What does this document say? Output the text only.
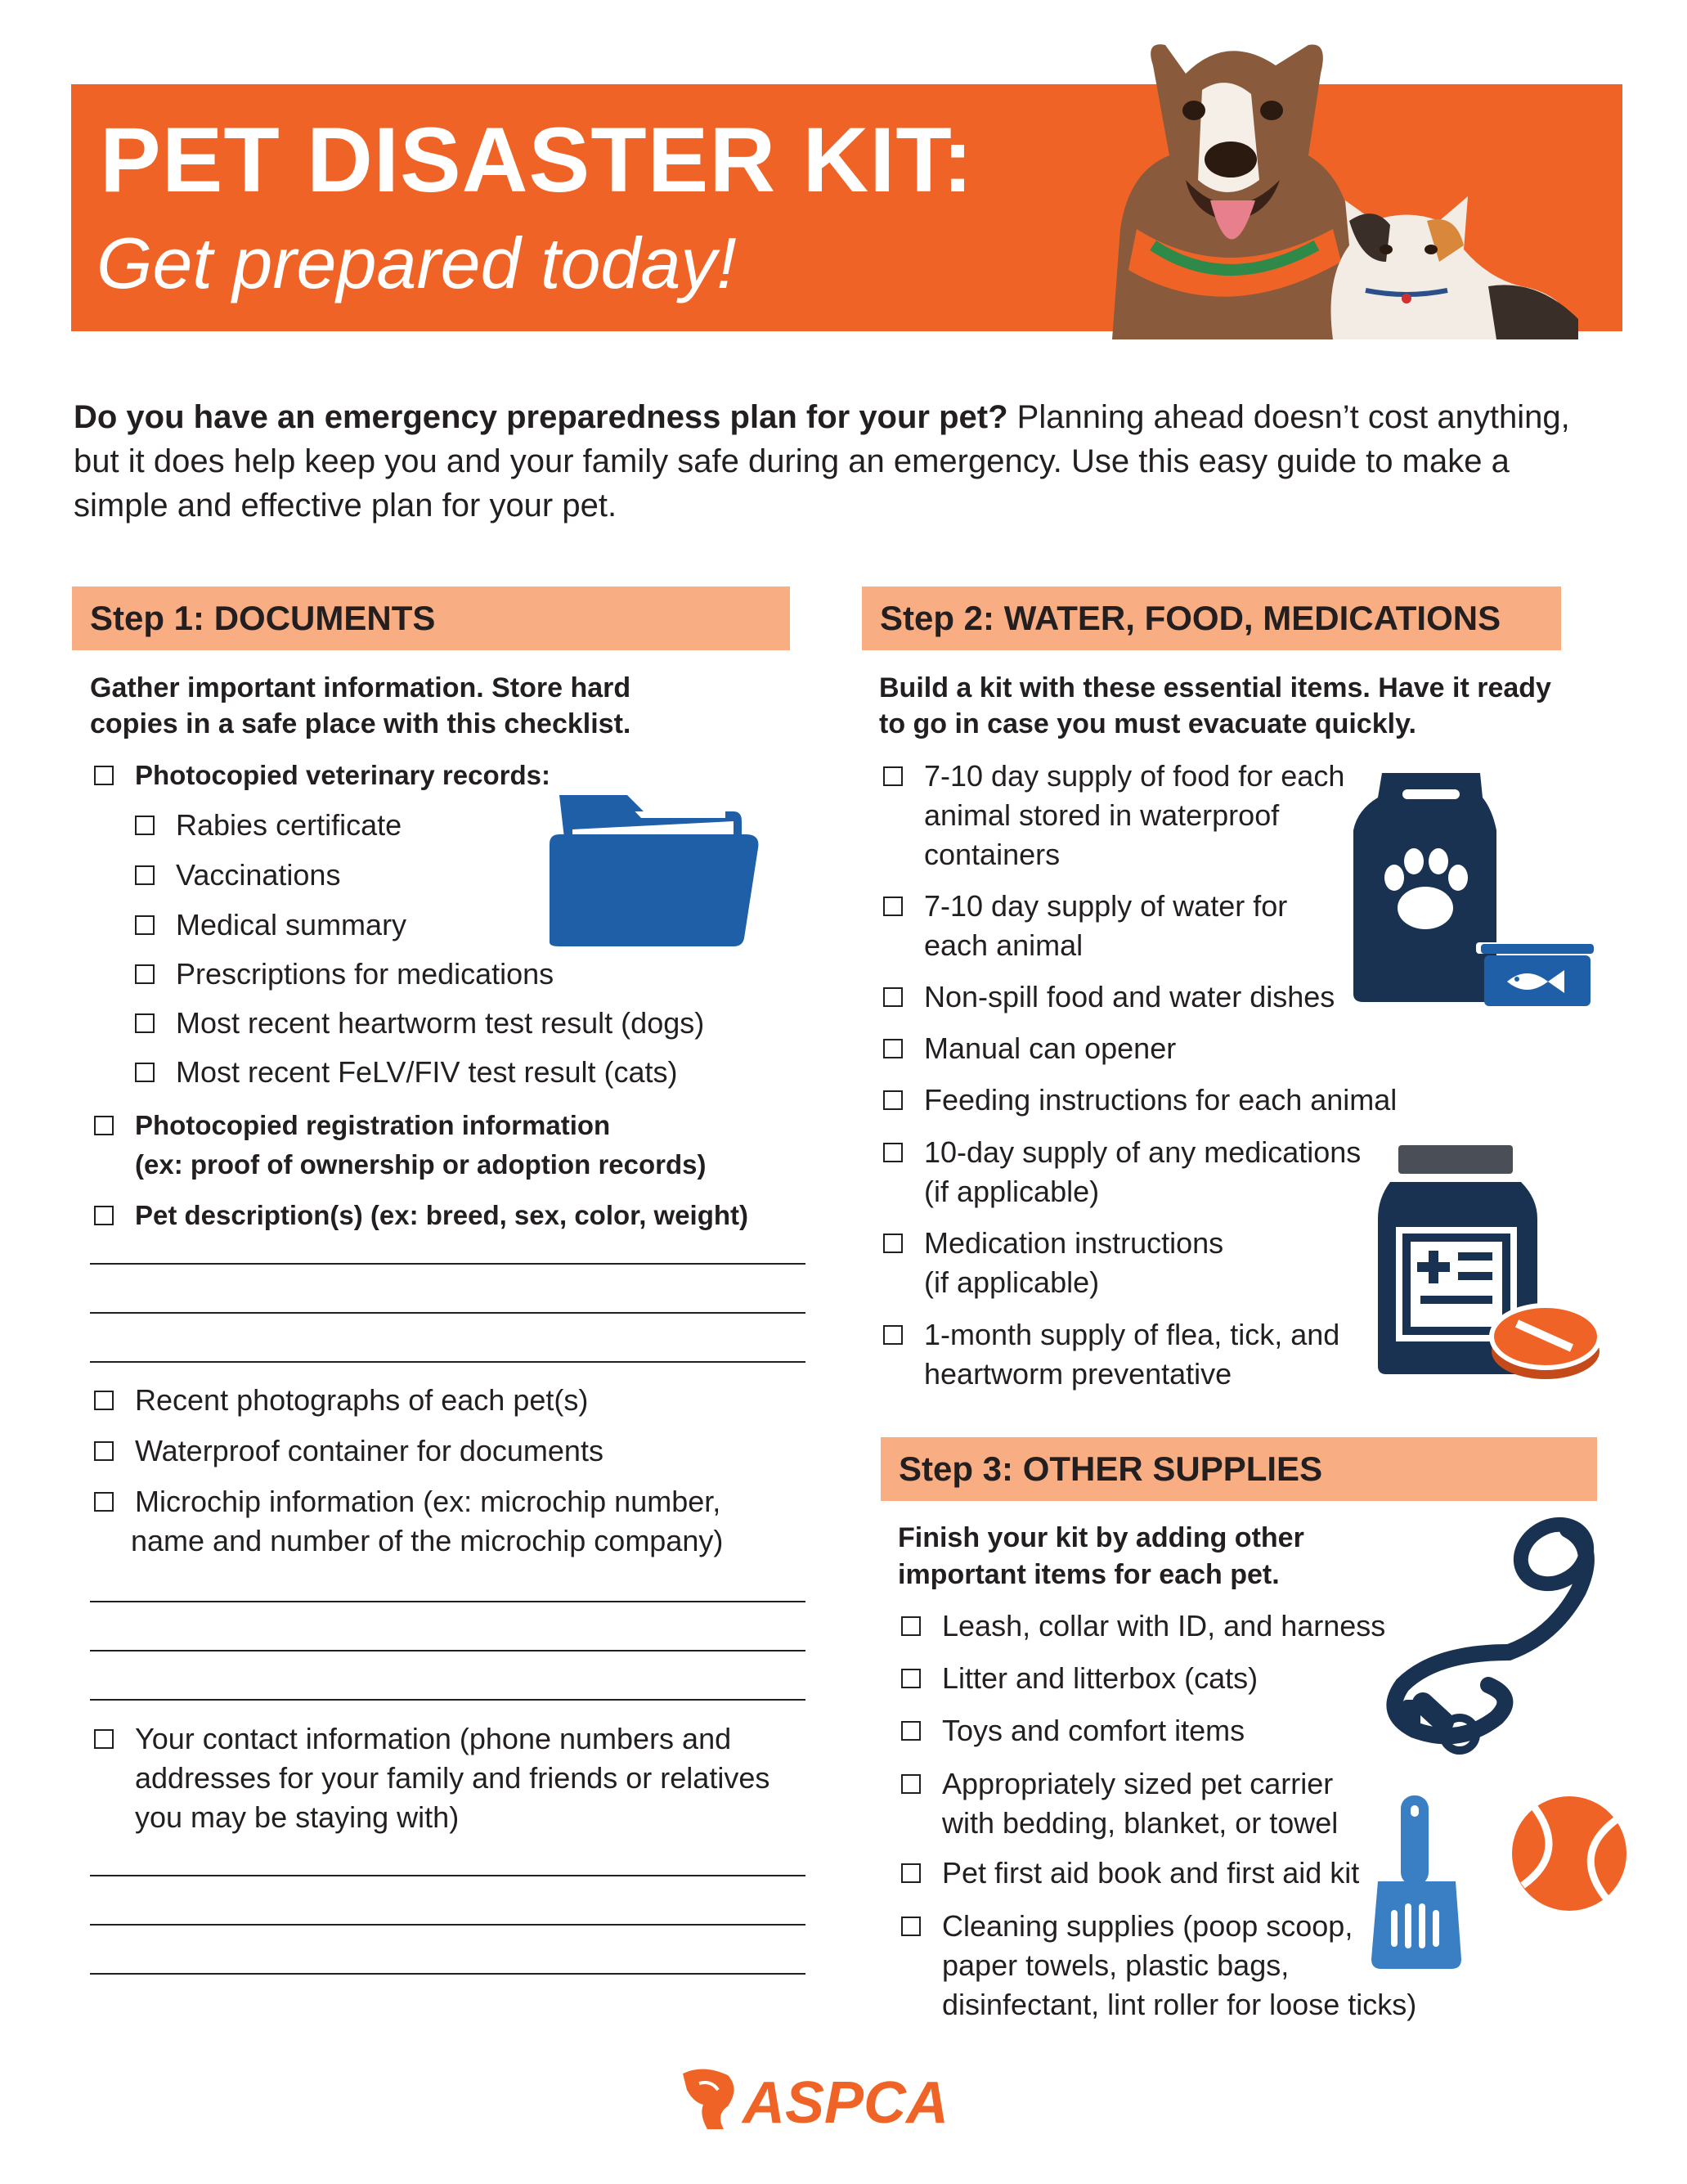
PET DISASTER KIT:
Get prepared today!
Do you have an emergency preparedness plan for your pet? Planning ahead doesn’t cost anything, but it does help keep you and your family safe during an emergency. Use this easy guide to make a simple and effective plan for your pet.
Step 1: DOCUMENTS
Gather important information. Store hard
copies in a safe place with this checklist.
Photocopied veterinary records:
Rabies certificate
Vaccinations
Medical summary
Prescriptions for medications
Most recent heartworm test result (dogs)
Most recent FeLV/FIV test result (cats)
Photocopied registration information
(ex: proof of ownership or adoption records)
Pet description(s) (ex: breed, sex, color, weight)
Recent photographs of each pet(s)
Waterproof container for documents
Microchip information (ex: microchip number,
name and number of the microchip company)
Your contact information (phone numbers and
addresses for your family and friends or relatives
you may be staying with)
Step 2: WATER, FOOD, MEDICATIONS
Build a kit with these essential items. Have it ready
to go in case you must evacuate quickly.
7-10 day supply of food for each
animal stored in waterproof
containers
7-10 day supply of water for
each animal
Non-spill food and water dishes
Manual can opener
Feeding instructions for each animal
10-day supply of any medications
(if applicable)
Medication instructions
(if applicable)
1-month supply of flea, tick, and
heartworm preventative
Step 3: OTHER SUPPLIES
Finish your kit by adding other
important items for each pet.
Leash, collar with ID, and harness
Litter and litterbox (cats)
Toys and comfort items
Appropriately sized pet carrier
with bedding, blanket, or towel
Pet first aid book and first aid kit
Cleaning supplies (poop scoop,
paper towels, plastic bags,
disinfectant, lint roller for loose ticks)
ASPCA
